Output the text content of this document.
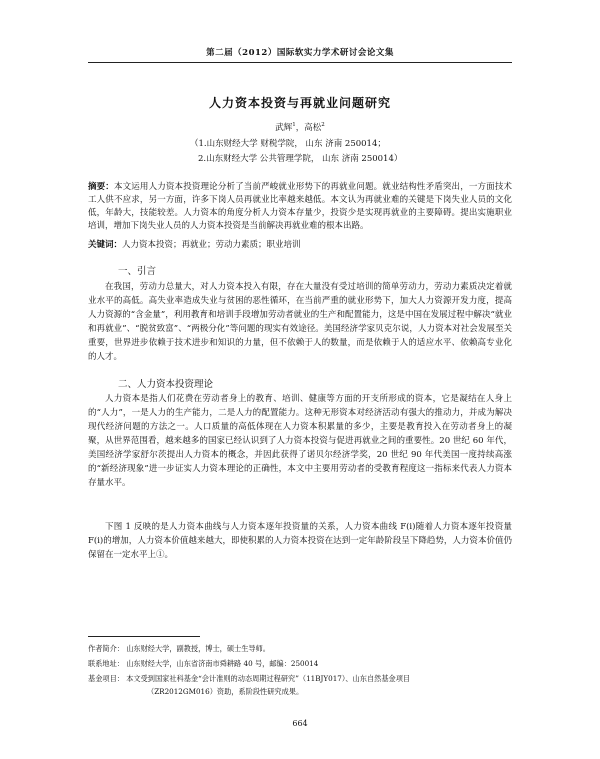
第二届（2012）国际软实力学术研讨会论文集
人力资本投资与再就业问题研究
武辉$^1$，高松$^2$
（1.山东财经大学 财税学院， 山东 济南 250014；
2.山东财经大学 公共管理学院， 山东 济南 250014）
摘要：本文运用人力资本投资理论分析了当前严峻就业形势下的再就业问题。就业结构性矛盾突出，一方面技术工人供不应求，另一方面，许多下岗人员再就业比率越来越低。本文认为再就业难的关键是下岗失业人员的文化低，年龄大，技能较差。人力资本的角度分析人力资本存量少，投资少是实现再就业的主要障碍。提出实施职业培训，增加下岗失业人员的人力资本投资是当前解决再就业难的根本出路。
关键词：人力资本投资；再就业；劳动力素质；职业培训
一、引言
在我国，劳动力总量大，对人力资本投入有限，存在大量没有受过培训的简单劳动力，劳动力素质决定着就业水平的高低。高失业率造成失业与贫困的恶性循环，在当前严重的就业形势下，加大人力资源开发力度，提高人力资源的“含金量”，利用教育和培训手段增加劳动者就业的生产和配置能力，这是中国在发展过程中解决“就业和再就业”、“脱贫致富”、“两极分化”等问题的现实有效途径。美国经济学家贝克尔说，人力资本对社会发展至关重要，世界进步依赖于技术进步和知识的力量，但不依赖于人的数量，而是依赖于人的适应水平、依赖高专业化的人才。
二、人力资本投资理论
人力资本是指人们花费在劳动者身上的教育、培训、健康等方面的开支所形成的资本，它是凝结在人身上的“人力”，一是人力的生产能力，二是人力的配置能力。这种无形资本对经济活动有强大的推动力，并成为解决现代经济问题的方法之一。人口质量的高低体现在人力资本积累量的多少，主要是教育投入在劳动者身上的凝聚，从世界范围看，越来越多的国家已经认识到了人力资本投资与促进再就业之间的重要性。20 世纪 60 年代，美国经济学家舒尔茨提出人力资本的概念，并因此获得了诺贝尔经济学奖，20 世纪 90 年代美国一度持续高涨的“新经济现象”进一步证实人力资本理论的正确性，本文中主要用劳动者的受教育程度这一指标来代表人力资本存量水平。
下图 1 反映的是人力资本曲线与人力资本逐年投资量的关系，人力资本曲线 F(i)随着人力资本逐年投资量 F(i)的增加，人力资本价值越来越大，即使积累的人力资本投资在达到一定年龄阶段呈下降趋势，人力资本价值仍保留在一定水平上①。
作者简介： 山东财经大学，副教授，博士，硕士生导师。
联系地址： 山东财经大学，山东省济南市舜耕路 40 号，邮编：250014
基金项目： 本文受到国家社科基金“会计准则的动态周期过程研究”（11BJY017）、山东自然基金项目
（ZR2012GM016）资助，系阶段性研究成果。
664
